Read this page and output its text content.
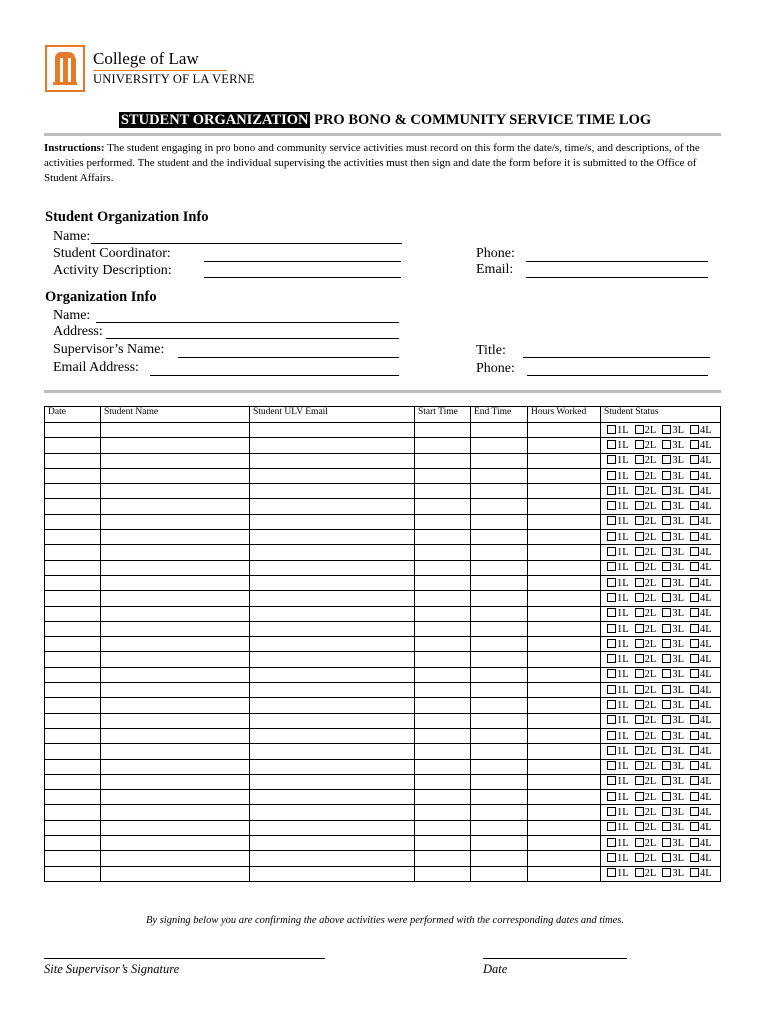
College of Law
UNIVERSITY OF LA VERNE
STUDENT ORGANIZATION PRO BONO & COMMUNITY SERVICE TIME LOG
Instructions: The student engaging in pro bono and community service activities must record on this form the date/s, time/s, and descriptions, of the activities performed. The student and the individual supervising the activities must then sign and date the form before it is submitted to the Office of Student Affairs.
Student Organization Info
Name:
Student Coordinator:
Activity Description:
Phone:
Email:
Organization Info
Name:
Address:
Supervisor’s Name:
Email Address:
Title:
Phone:
Date	Student Name	Student ULV Email	Start Time	End Time	Hours Worked	Student Status
						1L 2L 3L 4L
						1L 2L 3L 4L
						1L 2L 3L 4L
						1L 2L 3L 4L
						1L 2L 3L 4L
						1L 2L 3L 4L
						1L 2L 3L 4L
						1L 2L 3L 4L
						1L 2L 3L 4L
						1L 2L 3L 4L
						1L 2L 3L 4L
						1L 2L 3L 4L
						1L 2L 3L 4L
						1L 2L 3L 4L
						1L 2L 3L 4L
						1L 2L 3L 4L
						1L 2L 3L 4L
						1L 2L 3L 4L
						1L 2L 3L 4L
						1L 2L 3L 4L
						1L 2L 3L 4L
						1L 2L 3L 4L
						1L 2L 3L 4L
						1L 2L 3L 4L
						1L 2L 3L 4L
						1L 2L 3L 4L
						1L 2L 3L 4L
						1L 2L 3L 4L
						1L 2L 3L 4L
						1L 2L 3L 4L
By signing below you are confirming the above activities were performed with the corresponding dates and times.
Site Supervisor’s Signature	Date
